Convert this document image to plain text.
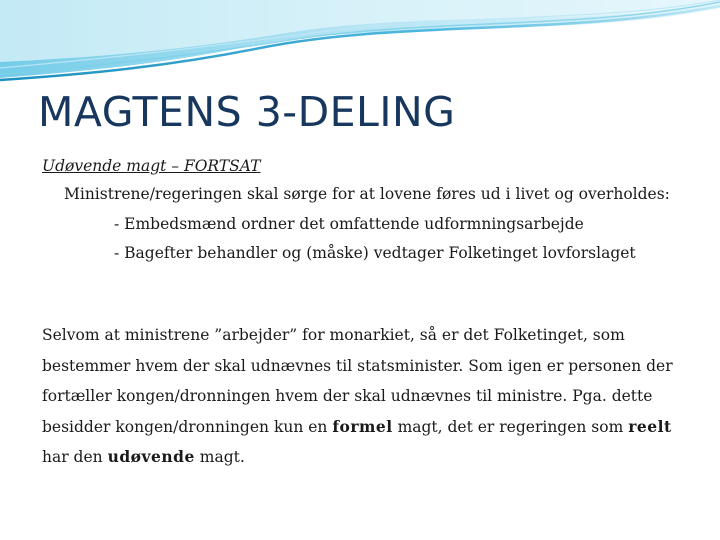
MAGTENS 3-DELING
Udøvende magt – FORTSAT
Ministrene/regeringen skal sørge for at lovene føres ud i livet og overholdes:
- Embedsmænd ordner det omfattende udformningsarbejde
- Bagefter behandler og (måske) vedtager Folketinget lovforslaget
Selvom at ministrene ”arbejder” for monarkiet, så er det Folketinget, som bestemmer hvem der skal udnævnes til statsminister. Som igen er personen der fortæller kongen/dronningen hvem der skal udnævnes til ministre. Pga. dette besidder kongen/dronningen kun en formel magt, det er regeringen som reelt har den udøvende magt.
